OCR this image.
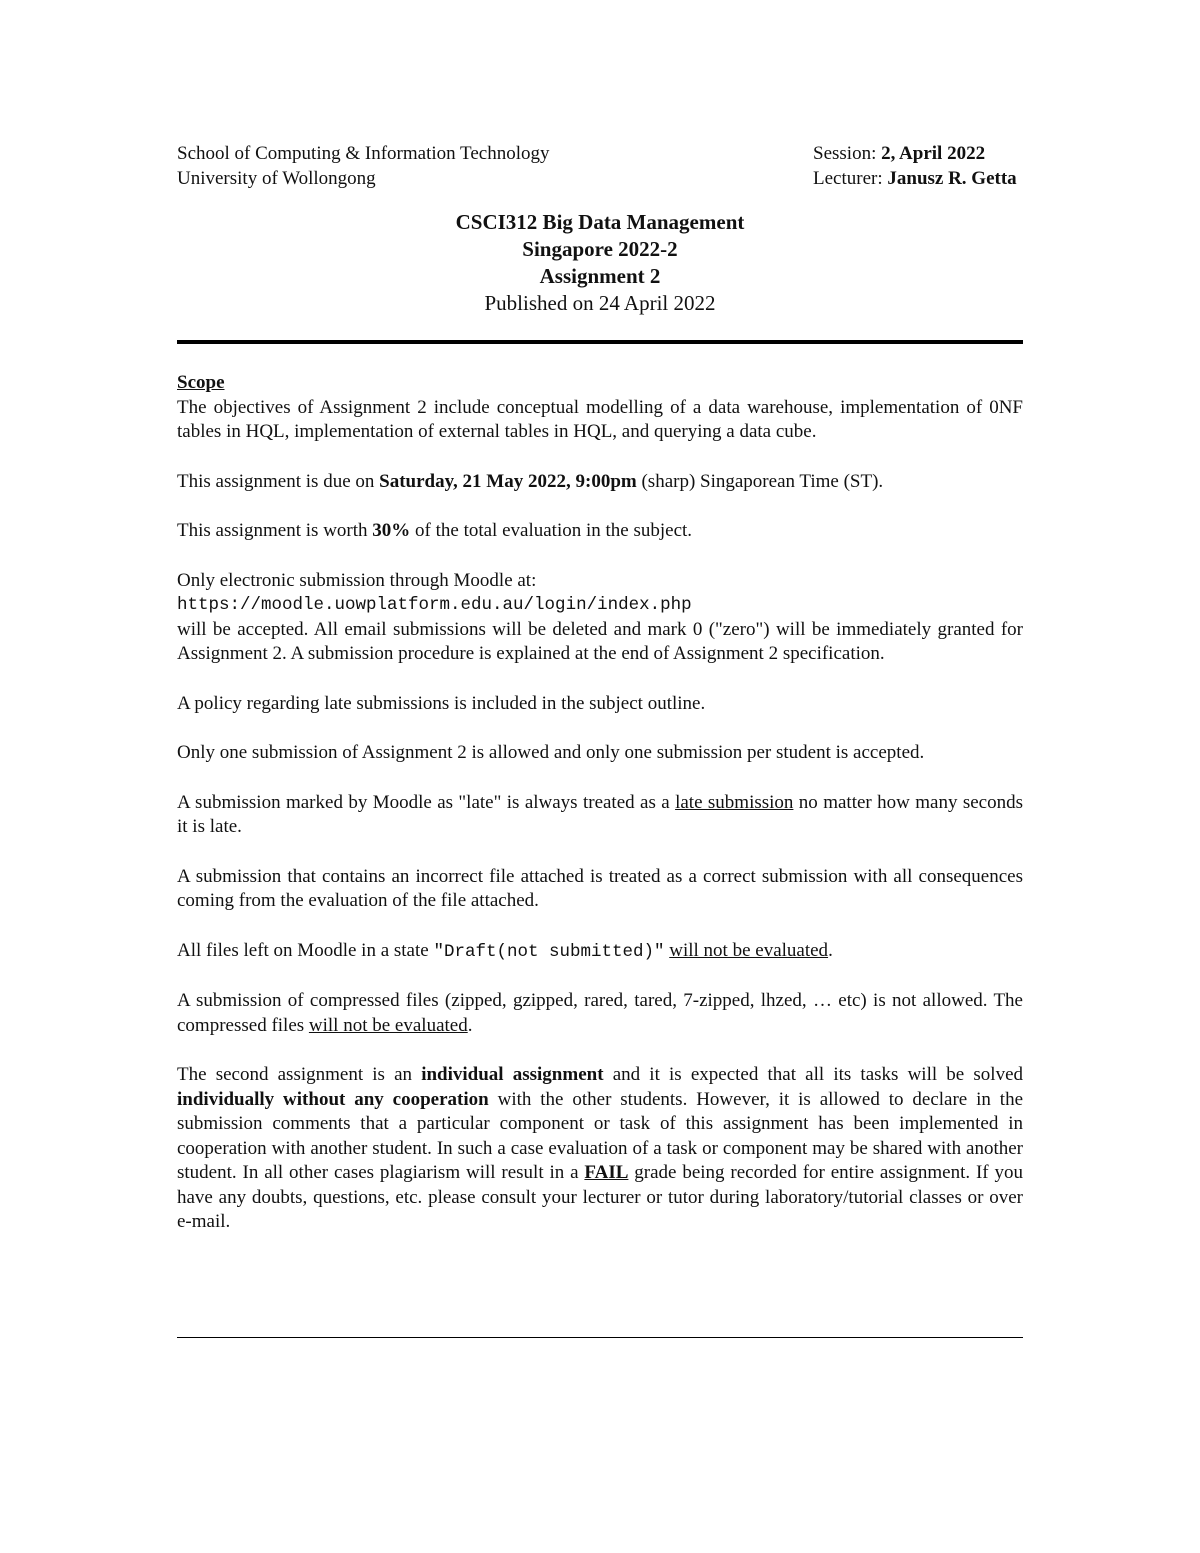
School of Computing & Information Technology
University of Wollongong
Session: 2, April 2022
Lecturer: Janusz R. Getta
CSCI312 Big Data Management
Singapore 2022-2
Assignment 2
Published on 24 April 2022

Scope
The objectives of Assignment 2 include conceptual modelling of a data warehouse, implementation of 0NF tables in HQL, implementation of external tables in HQL, and querying a data cube.

This assignment is due on Saturday, 21 May 2022, 9:00pm (sharp) Singaporean Time (ST).

This assignment is worth 30% of the total evaluation in the subject.

Only electronic submission through Moodle at:
https://moodle.uowplatform.edu.au/login/index.php
will be accepted. All email submissions will be deleted and mark 0 ("zero") will be immediately granted for Assignment 2. A submission procedure is explained at the end of Assignment 2 specification.

A policy regarding late submissions is included in the subject outline.

Only one submission of Assignment 2 is allowed and only one submission per student is accepted.

A submission marked by Moodle as "late" is always treated as a late submission no matter how many seconds it is late.

A submission that contains an incorrect file attached is treated as a correct submission with all consequences coming from the evaluation of the file attached.

All files left on Moodle in a state "Draft(not submitted)" will not be evaluated.

A submission of compressed files (zipped, gzipped, rared, tared, 7-zipped, lhzed, … etc) is not allowed. The compressed files will not be evaluated.

The second assignment is an individual assignment and it is expected that all its tasks will be solved individually without any cooperation with the other students. However, it is allowed to declare in the submission comments that a particular component or task of this assignment has been implemented in cooperation with another student. In such a case evaluation of a task or component may be shared with another student. In all other cases plagiarism will result in a FAIL grade being recorded for entire assignment. If you have any doubts, questions, etc. please consult your lecturer or tutor during laboratory/tutorial classes or over e-mail.
